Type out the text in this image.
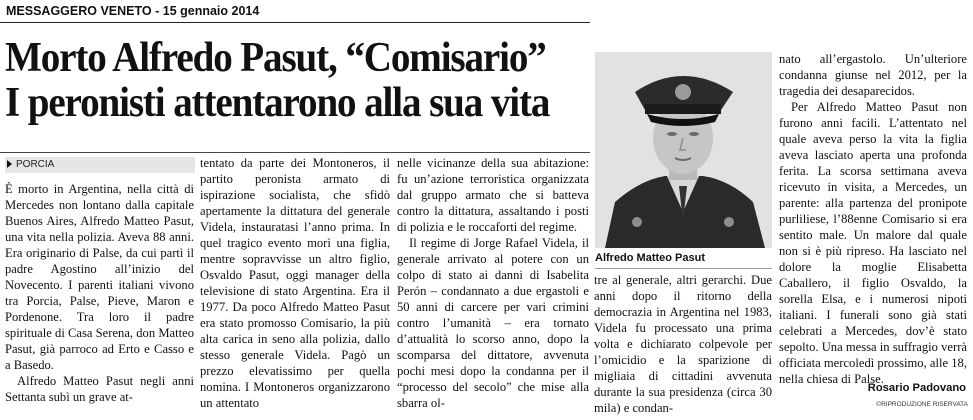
MESSAGGERO VENETO - 15 gennaio 2014
Morto Alfredo Pasut, “Comisario”
I peronisti attentarono alla sua vita
PORCIA

È morto in Argentina, nella città di Mercedes non lontano dalla capitale Buenos Aires, Alfredo Matteo Pasut, una vita nella polizia. Aveva 88 anni. Era originario di Palse, da cui partì il padre Agostino all’inizio del Novecento. I parenti italiani vivono tra Porcia, Palse, Pieve, Maron e Pordenone. Tra loro il padre spirituale di Casa Serena, don Matteo Pasut, già parroco ad Erto e Casso e a Basedo.

Alfredo Matteo Pasut negli anni Settanta subì un grave at-

tentato da parte dei Montoneros, il partito peronista armato di ispirazione socialista, che sfidò apertamente la dittatura del generale Videla, instauratasi l’anno prima. In quel tragico evento morì una figlia, mentre sopravvisse un altro figlio, Osvaldo Pasut, oggi manager della televisione di stato Argentina. Era il 1977. Da poco Alfredo Matteo Pasut era stato promosso Comisario, la più alta carica in seno alla polizia, dallo stesso generale Videla. Pagò un prezzo elevatissimo per quella nomina. I Montoneros organizzarono un attentato

nelle vicinanze della sua abitazione: fu un’azione terroristica organizzata dal gruppo armato che si batteva contro la dittatura, assaltando i posti di polizia e le roccaforti del regime.

Il regime di Jorge Rafael Videla, il generale arrivato al potere con un colpo di stato ai danni di Isabelita Perón – condannato a due ergastoli e 50 anni di carcere per vari crimini contro l’umanità – era tornato d’attualità lo scorso anno, dopo la scomparsa del dittatore, avvenuta pochi mesi dopo la condanna per il “processo del secolo” che mise alla sbarra ol-

Alfredo Matteo Pasut

tre al generale, altri gerarchi. Due anni dopo il ritorno della democrazia in Argentina nel 1983, Videla fu processato una prima volta e dichiarato colpevole per l’omicidio e la sparizione di migliaia di cittadini avvenuta durante la sua presidenza (circa 30 mila) e condan-

nato all’ergastolo. Un’ulteriore condanna giunse nel 2012, per la tragedia dei desaparecidos.

Per Alfredo Matteo Pasut non furono anni facili. L’attentato nel quale aveva perso la vita la figlia aveva lasciato aperta una profonda ferita. La scorsa settimana aveva ricevuto in visita, a Mercedes, un parente: alla partenza del pronipote purliliese, l’88enne Comisario si era sentito male. Un malore dal quale non si è più ripreso. Ha lasciato nel dolore la moglie Elisabetta Caballero, il figlio Osvaldo, la sorella Elsa, e i numerosi nipoti italiani. I funerali sono già stati celebrati a Mercedes, dov’è stato sepolto. Una messa in suffragio verrà officiata mercoledì prossimo, alle 18, nella chiesa di Palse.

Rosario Padovano
©RIPRODUZIONE RISERVATA
